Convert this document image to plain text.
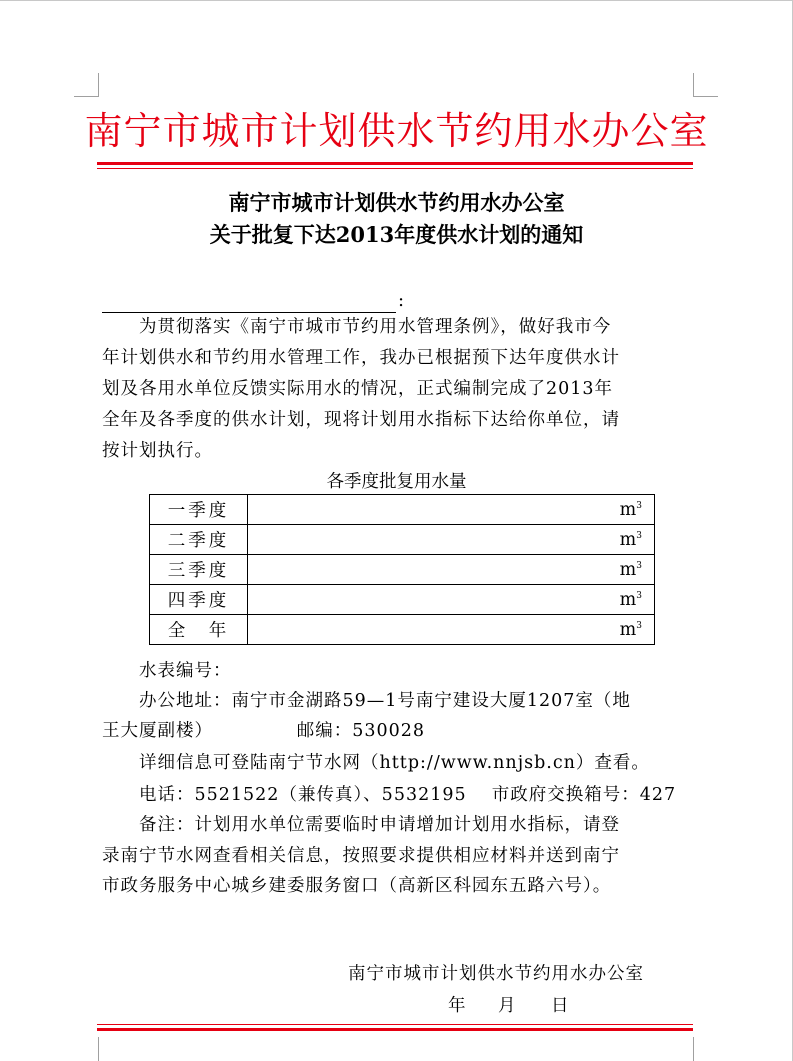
南宁市城市计划供水节约用水办公室
南宁市城市计划供水节约用水办公室
关于批复下达2013年度供水计划的通知
:
　　为贯彻落实《南宁市城市节约用水管理条例》，做好我市今
年计划供水和节约用水管理工作，我办已根据预下达年度供水计
划及各用水单位反馈实际用水的情况，正式编制完成了2013年
全年及各季度的供水计划，现将计划用水指标下达给你单位，请
按计划执行。
各季度批复用水量
一季度	$m^3$
二季度	$m^3$
三季度	$m^3$
四季度	$m^3$
全　年	$m^3$
　　水表编号：
　　办公地址：南宁市金湖路59—1号南宁建设大厦1207室（地
王大厦副楼）　　　　　邮编：530028
　　详细信息可登陆南宁节水网（http://www.nnjsb.cn）查看。
　　电话：5521522（兼传真）、5532195　 市政府交换箱号：427
　　备注：计划用水单位需要临时申请增加计划用水指标，请登
录南宁节水网查看相关信息，按照要求提供相应材料并送到南宁
市政务服务中心城乡建委服务窗口（高新区科园东五路六号）。
南宁市城市计划供水节约用水办公室
年 月 日
